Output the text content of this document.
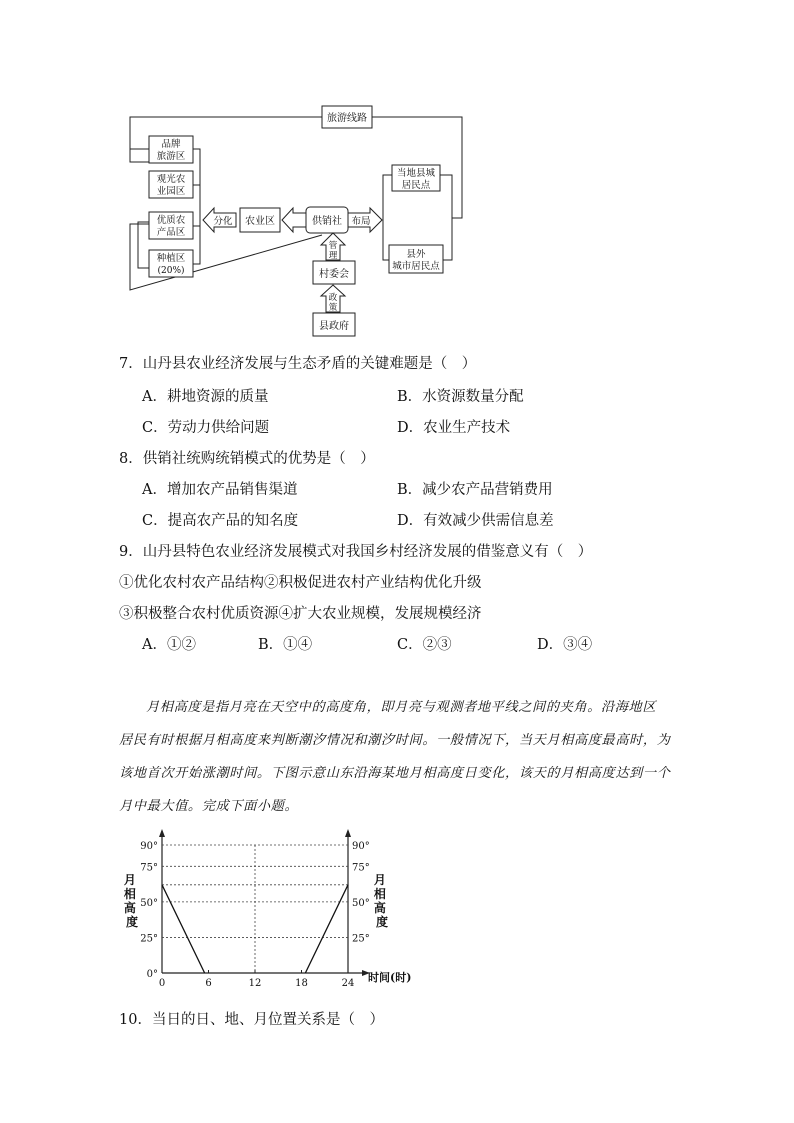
旅游线路
品牌
旅游区
观光农
业园区
优质农
产品区
种植区
(20%)
分化 农业区	供销社 布局
当地县城
居民点
县外
城市居民点
管
理
村委会
政
策
县政府
7．山丹县农业经济发展与生态矛盾的关键难题是（　）
A．耕地资源的质量	B．水资源数量分配
C．劳动力供给问题	D．农业生产技术
8．供销社统购统销模式的优势是（　）
A．增加农产品销售渠道	B．减少农产品营销费用
C．提高农产品的知名度	D．有效减少供需信息差
9．山丹县特色农业经济发展模式对我国乡村经济发展的借鉴意义有（　）
①优化农村农产品结构②积极促进农村产业结构优化升级
③积极整合农村优质资源④扩大农业规模，发展规模经济
A．①②	B．①④	C．②③	D．③④
月相高度是指月亮在天空中的高度角，即月亮与观测者地平线之间的夹角。沿海地区
居民有时根据月相高度来判断潮汐情况和潮汐时间。一般情况下，当天月相高度最高时，为
该地首次开始涨潮时间。下图示意山东沿海某地月相高度日变化，该天的月相高度达到一个
月中最大值。完成下面小题。
0°
25°	25°
50°	50°
75°	75°
90°	90°
0	6	12	18	24
月 相 高 度
月 相 高 度
时间(时)
10．当日的日、地、月位置关系是（　）
